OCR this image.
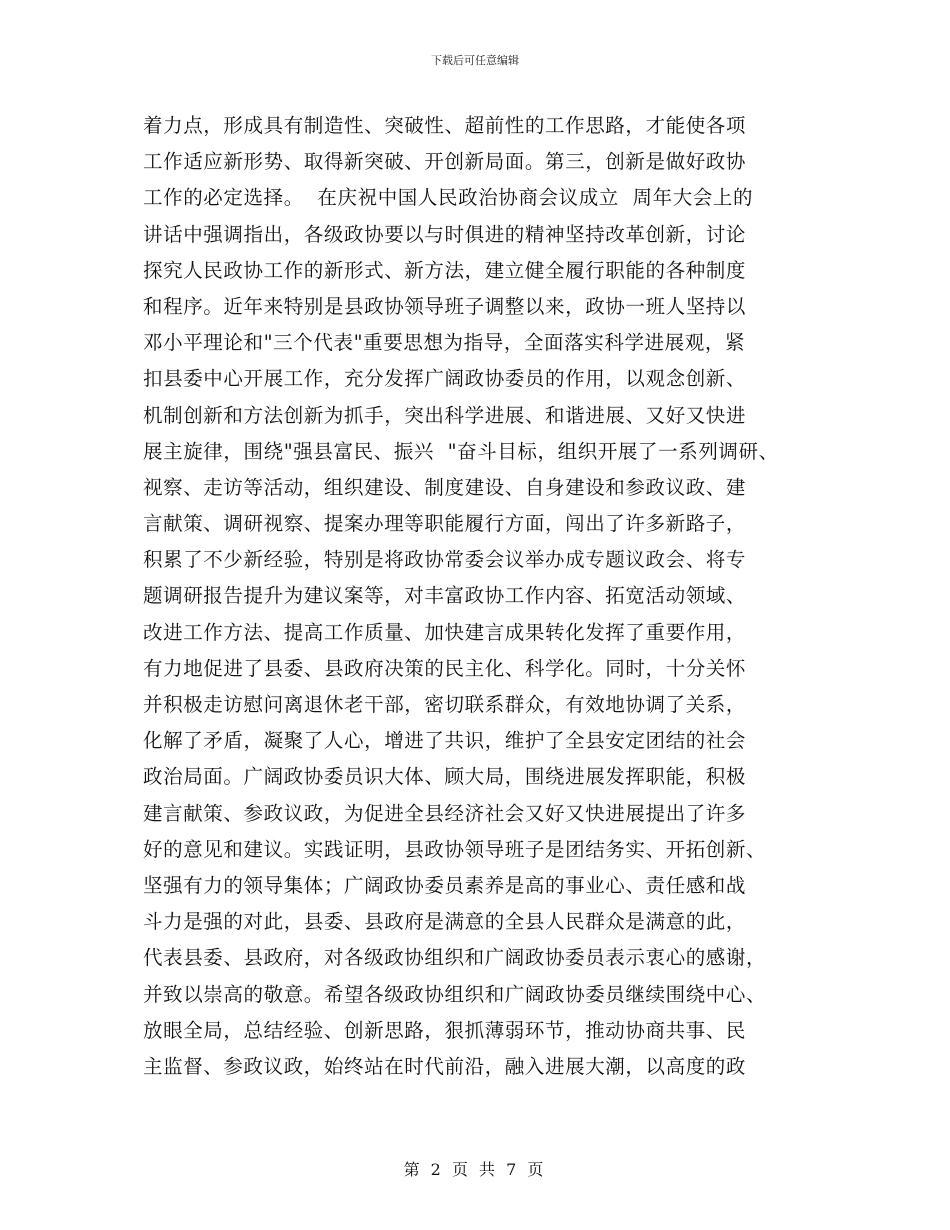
下载后可任意编辑
着力点，形成具有制造性、突破性、超前性的工作思路，才能使各项
工作适应新形势、取得新突破、开创新局面。第三，创新是做好政协
工作的必定选择。  在庆祝中国人民政治协商会议成立  周年大会上的
讲话中强调指出，各级政协要以与时俱进的精神坚持改革创新，讨论
探究人民政协工作的新形式、新方法，建立健全履行职能的各种制度
和程序。近年来特别是县政协领导班子调整以来，政协一班人坚持以
邓小平理论和"三个代表"重要思想为指导，全面落实科学进展观，紧
扣县委中心开展工作，充分发挥广阔政协委员的作用，以观念创新、
机制创新和方法创新为抓手，突出科学进展、和谐进展、又好又快进
展主旋律，围绕"强县富民、振兴  "奋斗目标，组织开展了一系列调研、
视察、走访等活动，组织建设、制度建设、自身建设和参政议政、建
言献策、调研视察、提案办理等职能履行方面，闯出了许多新路子，
积累了不少新经验，特别是将政协常委会议举办成专题议政会、将专
题调研报告提升为建议案等，对丰富政协工作内容、拓宽活动领域、
改进工作方法、提高工作质量、加快建言成果转化发挥了重要作用，
有力地促进了县委、县政府决策的民主化、科学化。同时，十分关怀
并积极走访慰问离退休老干部，密切联系群众，有效地协调了关系，
化解了矛盾，凝聚了人心，增进了共识，维护了全县安定团结的社会
政治局面。广阔政协委员识大体、顾大局，围绕进展发挥职能，积极
建言献策、参政议政，为促进全县经济社会又好又快进展提出了许多
好的意见和建议。实践证明，县政协领导班子是团结务实、开拓创新、
坚强有力的领导集体；广阔政协委员素养是高的事业心、责任感和战
斗力是强的对此，县委、县政府是满意的全县人民群众是满意的此，
代表县委、县政府，对各级政协组织和广阔政协委员表示衷心的感谢，
并致以崇高的敬意。希望各级政协组织和广阔政协委员继续围绕中心、
放眼全局，总结经验、创新思路，狠抓薄弱环节，推动协商共事、民
主监督、参政议政，始终站在时代前沿，融入进展大潮，以高度的政
第 2 页 共 7 页
